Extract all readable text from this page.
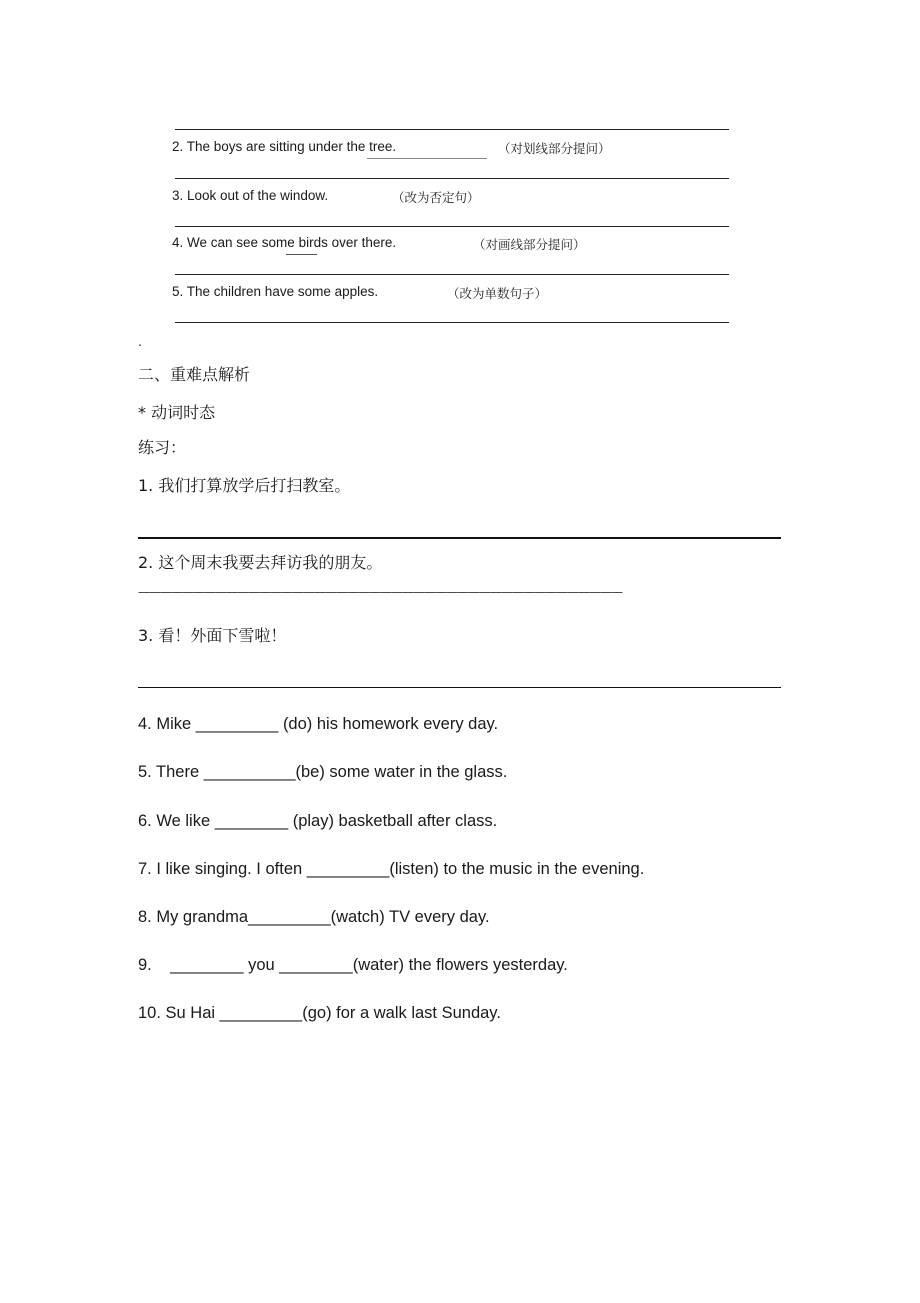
2. The boys are sitting under the tree.	（对划线部分提问）
3. Look out of the window.	（改为否定句）
4. We can see some birds over there.	（对画线部分提问）
5. The children have some apples.	（改为单数句子）
.
二、重难点解析
* 动词时态
练习：
1. 我们打算放学后打扫教室。
2. 这个周末我要去拜访我的朋友。
————————————————————————————————————————————
3. 看！外面下雪啦！
4. Mike _________ (do) his homework every day.
5. There __________(be) some water in the glass.
6. We like ________ (play) basketball after class.
7. I like singing. I often _________(listen) to the music in the evening.
8. My grandma_________(watch) TV every day.
9.    ________ you ________(water) the flowers yesterday.
10. Su Hai _________(go) for a walk last Sunday.
